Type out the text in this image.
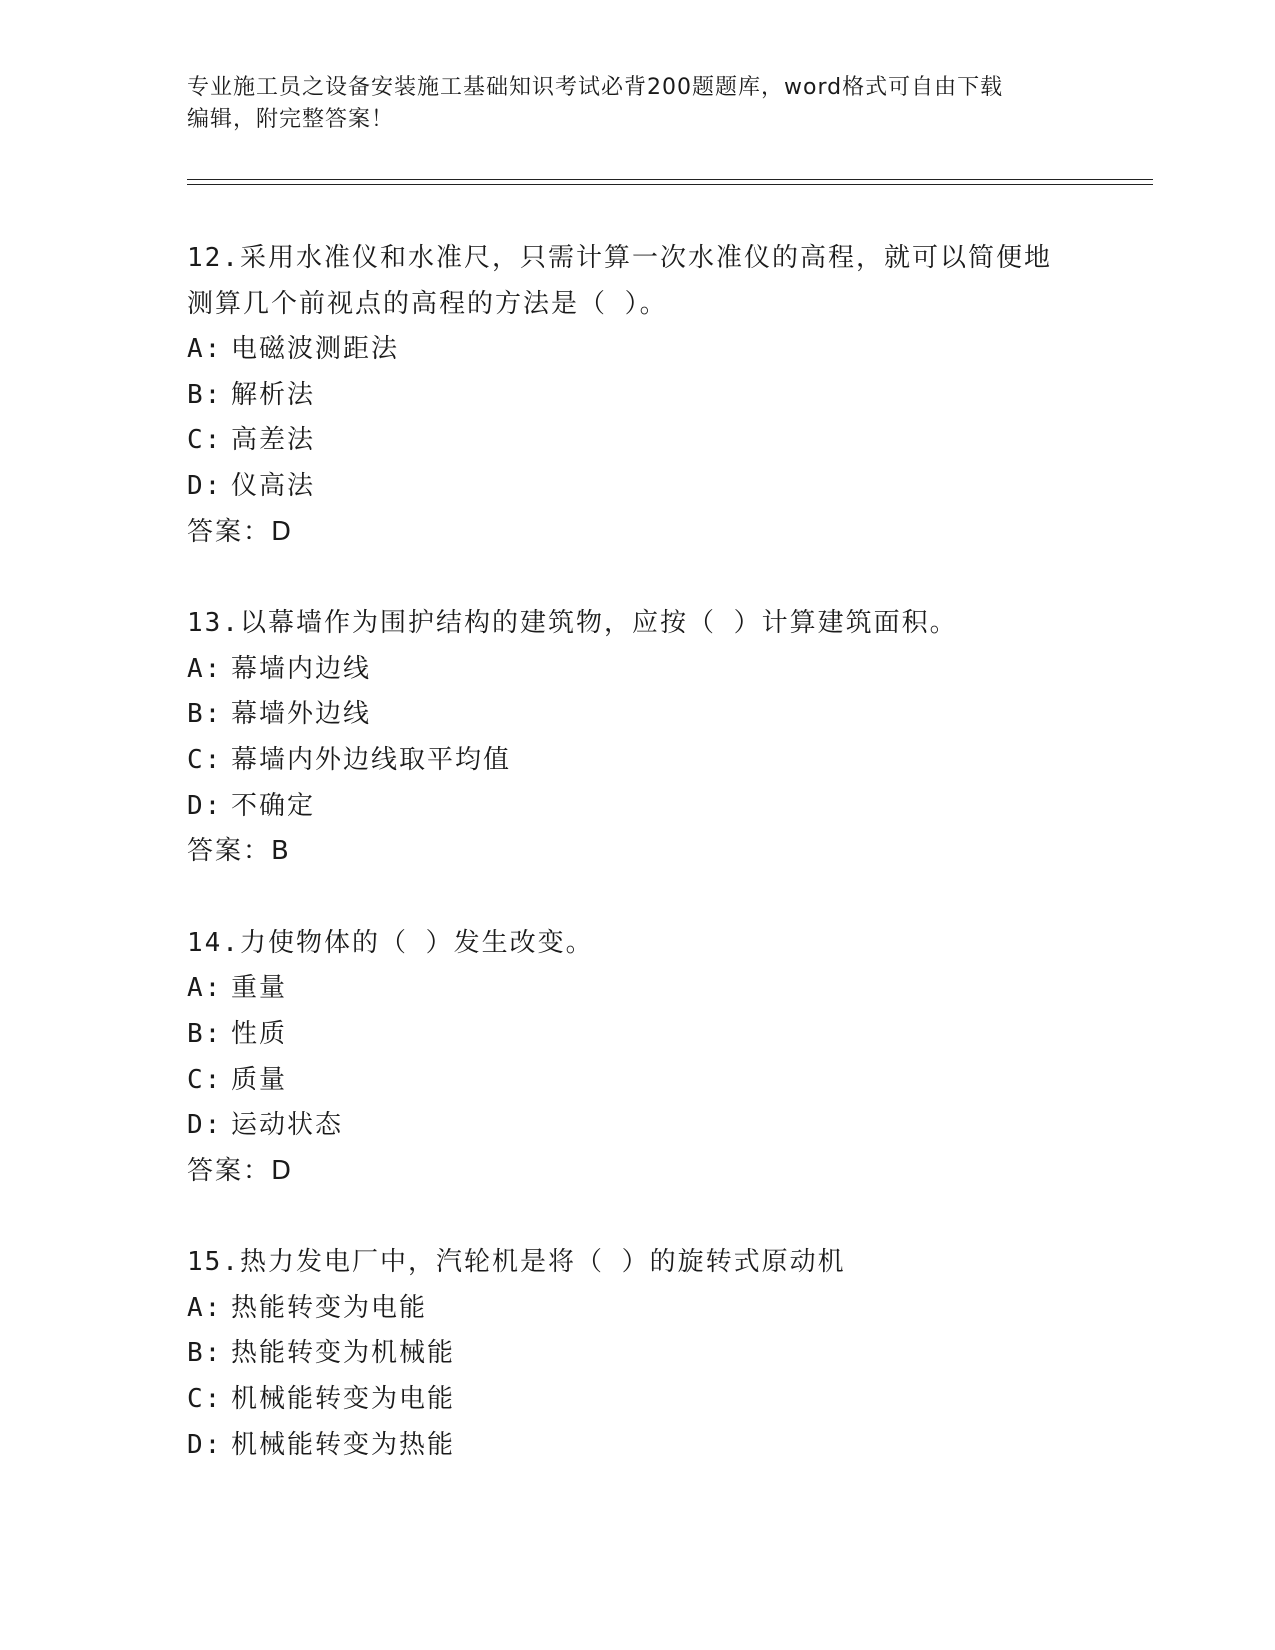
专业施工员之设备安装施工基础知识考试必背200题题库，word格式可自由下载
编辑，附完整答案！
12.采用水准仪和水准尺，只需计算一次水准仪的高程，就可以简便地
测算几个前视点的高程的方法是（ ）。
A: 电磁波测距法
B: 解析法
C: 高差法
D: 仪高法
答案：D
13.以幕墙作为围护结构的建筑物，应按（ ）计算建筑面积。
A: 幕墙内边线
B: 幕墙外边线
C: 幕墙内外边线取平均值
D: 不确定
答案：B
14.力使物体的（ ）发生改变。
A: 重量
B: 性质
C: 质量
D: 运动状态
答案：D
15.热力发电厂中，汽轮机是将（ ）的旋转式原动机
A: 热能转变为电能
B: 热能转变为机械能
C: 机械能转变为电能
D: 机械能转变为热能
